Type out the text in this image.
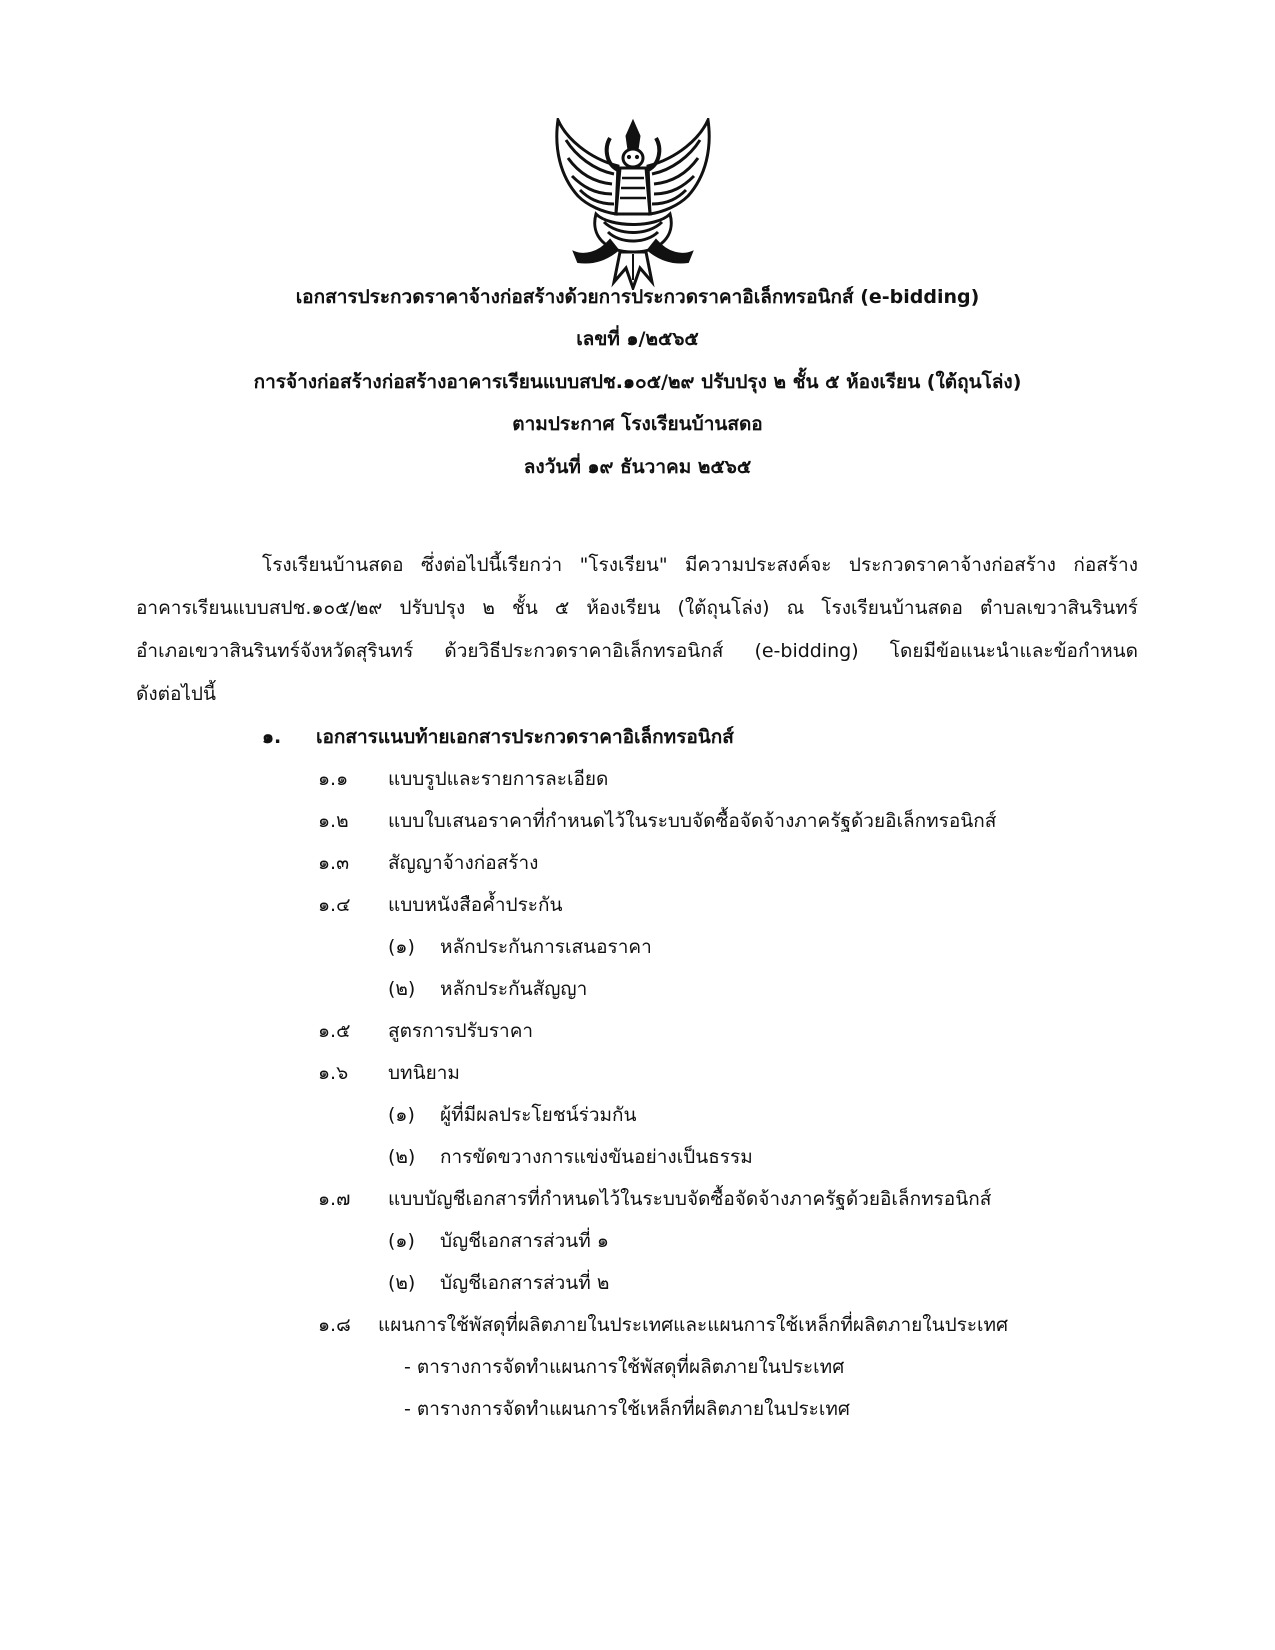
เอกสารประกวดราคาจ้างก่อสร้างด้วยการประกวดราคาอิเล็กทรอนิกส์ (e-bidding)
เลขที่ ๑/๒๕๖๕
การจ้างก่อสร้างก่อสร้างอาคารเรียนแบบสปช.๑๐๕/๒๙ ปรับปรุง ๒ ชั้น ๕ ห้องเรียน (ใต้ถุนโล่ง)
ตามประกาศ โรงเรียนบ้านสดอ
ลงวันที่ ๑๙ ธันวาคม ๒๕๖๕
โรงเรียนบ้านสดอ ซึ่งต่อไปนี้เรียกว่า "โรงเรียน" มีความประสงค์จะ ประกวดราคาจ้างก่อสร้าง ก่อสร้าง
อาคารเรียนแบบสปช.๑๐๕/๒๙ ปรับปรุง ๒ ชั้น ๕ ห้องเรียน (ใต้ถุนโล่ง) ณ โรงเรียนบ้านสดอ ตำบลเขวาสินรินทร์
อำเภอเขวาสินรินทร์จังหวัดสุรินทร์ ด้วยวิธีประกวดราคาอิเล็กทรอนิกส์ (e-bidding) โดยมีข้อแนะนำและข้อกำหนด
ดังต่อไปนี้
๑. เอกสารแนบท้ายเอกสารประกวดราคาอิเล็กทรอนิกส์
๑.๑ แบบรูปและรายการละเอียด
๑.๒ แบบใบเสนอราคาที่กำหนดไว้ในระบบจัดซื้อจัดจ้างภาครัฐด้วยอิเล็กทรอนิกส์
๑.๓ สัญญาจ้างก่อสร้าง
๑.๔ แบบหนังสือค้ำประกัน
(๑) หลักประกันการเสนอราคา
(๒) หลักประกันสัญญา
๑.๕ สูตรการปรับราคา
๑.๖ บทนิยาม
(๑) ผู้ที่มีผลประโยชน์ร่วมกัน
(๒) การขัดขวางการแข่งขันอย่างเป็นธรรม
๑.๗ แบบบัญชีเอกสารที่กำหนดไว้ในระบบจัดซื้อจัดจ้างภาครัฐด้วยอิเล็กทรอนิกส์
(๑) บัญชีเอกสารส่วนที่ ๑
(๒) บัญชีเอกสารส่วนที่ ๒
๑.๘ แผนการใช้พัสดุที่ผลิตภายในประเทศและแผนการใช้เหล็กที่ผลิตภายในประเทศ
- ตารางการจัดทำแผนการใช้พัสดุที่ผลิตภายในประเทศ
- ตารางการจัดทำแผนการใช้เหล็กที่ผลิตภายในประเทศ
